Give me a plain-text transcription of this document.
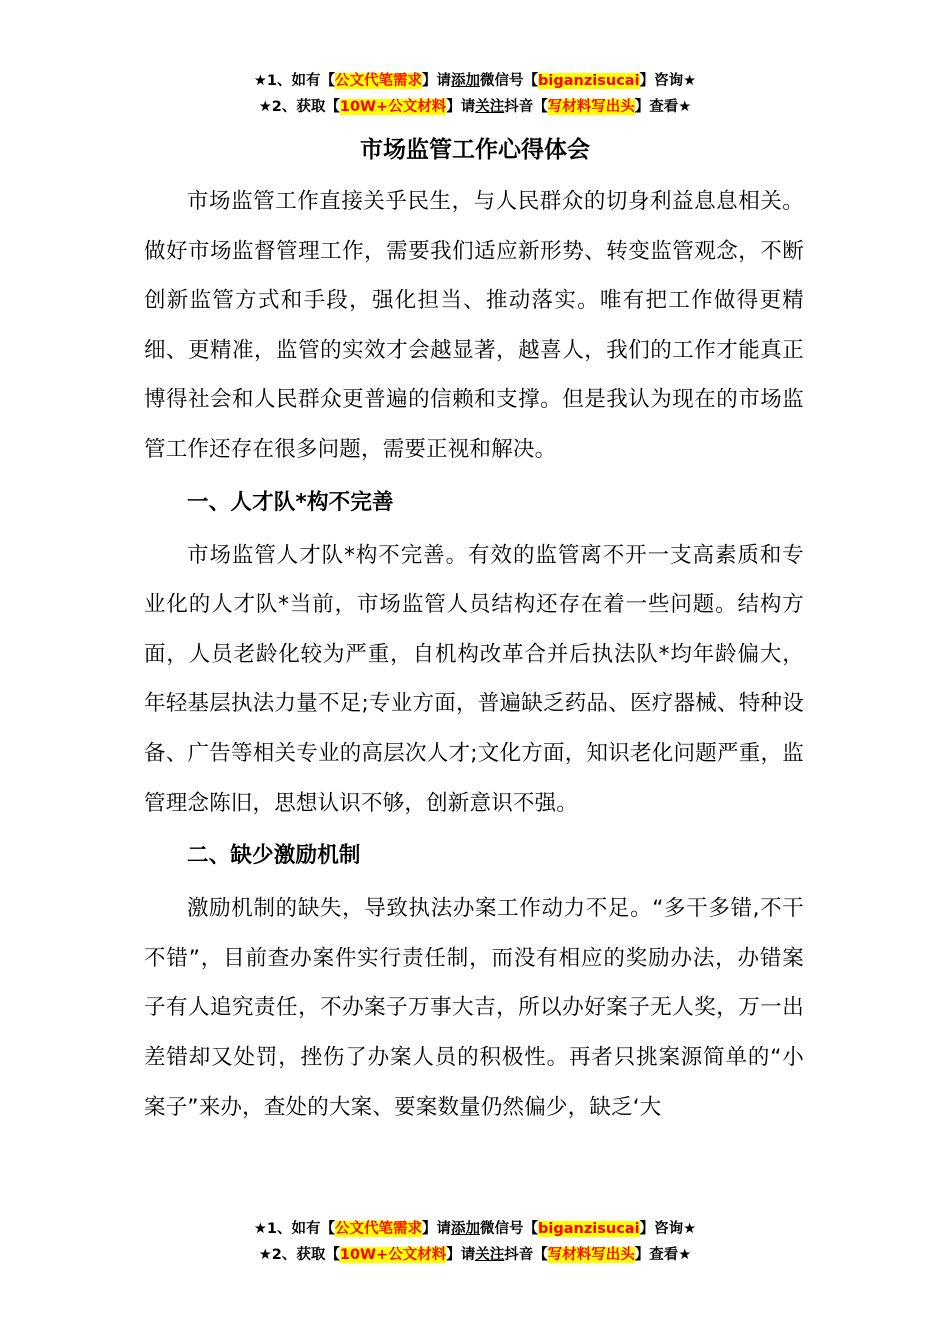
★1、如有【公文代笔需求】请添加微信号【biganzisucai】咨询★
★2、获取【10W+公文材料】请关注抖音【写材料写出头】查看★
市场监管工作心得体会

市场监管工作直接关乎民生，与人民群众的切身利益息息相关。做好市场监督管理工作，需要我们适应新形势、转变监管观念，不断创新监管方式和手段，强化担当、推动落实。唯有把工作做得更精细、更精准，监管的实效才会越显著，越喜人，我们的工作才能真正博得社会和人民群众更普遍的信赖和支撑。但是我认为现在的市场监管工作还存在很多问题，需要正视和解决。

一、人才队*构不完善

市场监管人才队*构不完善。有效的监管离不开一支高素质和专业化的人才队*当前，市场监管人员结构还存在着一些问题。结构方面，人员老龄化较为严重，自机构改革合并后执法队*均年龄偏大，年轻基层执法力量不足;专业方面，普遍缺乏药品、医疗器械、特种设备、广告等相关专业的高层次人才;文化方面，知识老化问题严重，监管理念陈旧，思想认识不够，创新意识不强。

二、缺少激励机制

激励机制的缺失，导致执法办案工作动力不足。“多干多错,不干不错”，目前查办案件实行责任制，而没有相应的奖励办法，办错案子有人追究责任，不办案子万事大吉，所以办好案子无人奖，万一出差错却又处罚，挫伤了办案人员的积极性。再者只挑案源简单的“小案子”来办，查处的大案、要案数量仍然偏少，缺乏‘大

★1、如有【公文代笔需求】请添加微信号【biganzisucai】咨询★
★2、获取【10W+公文材料】请关注抖音【写材料写出头】查看★
